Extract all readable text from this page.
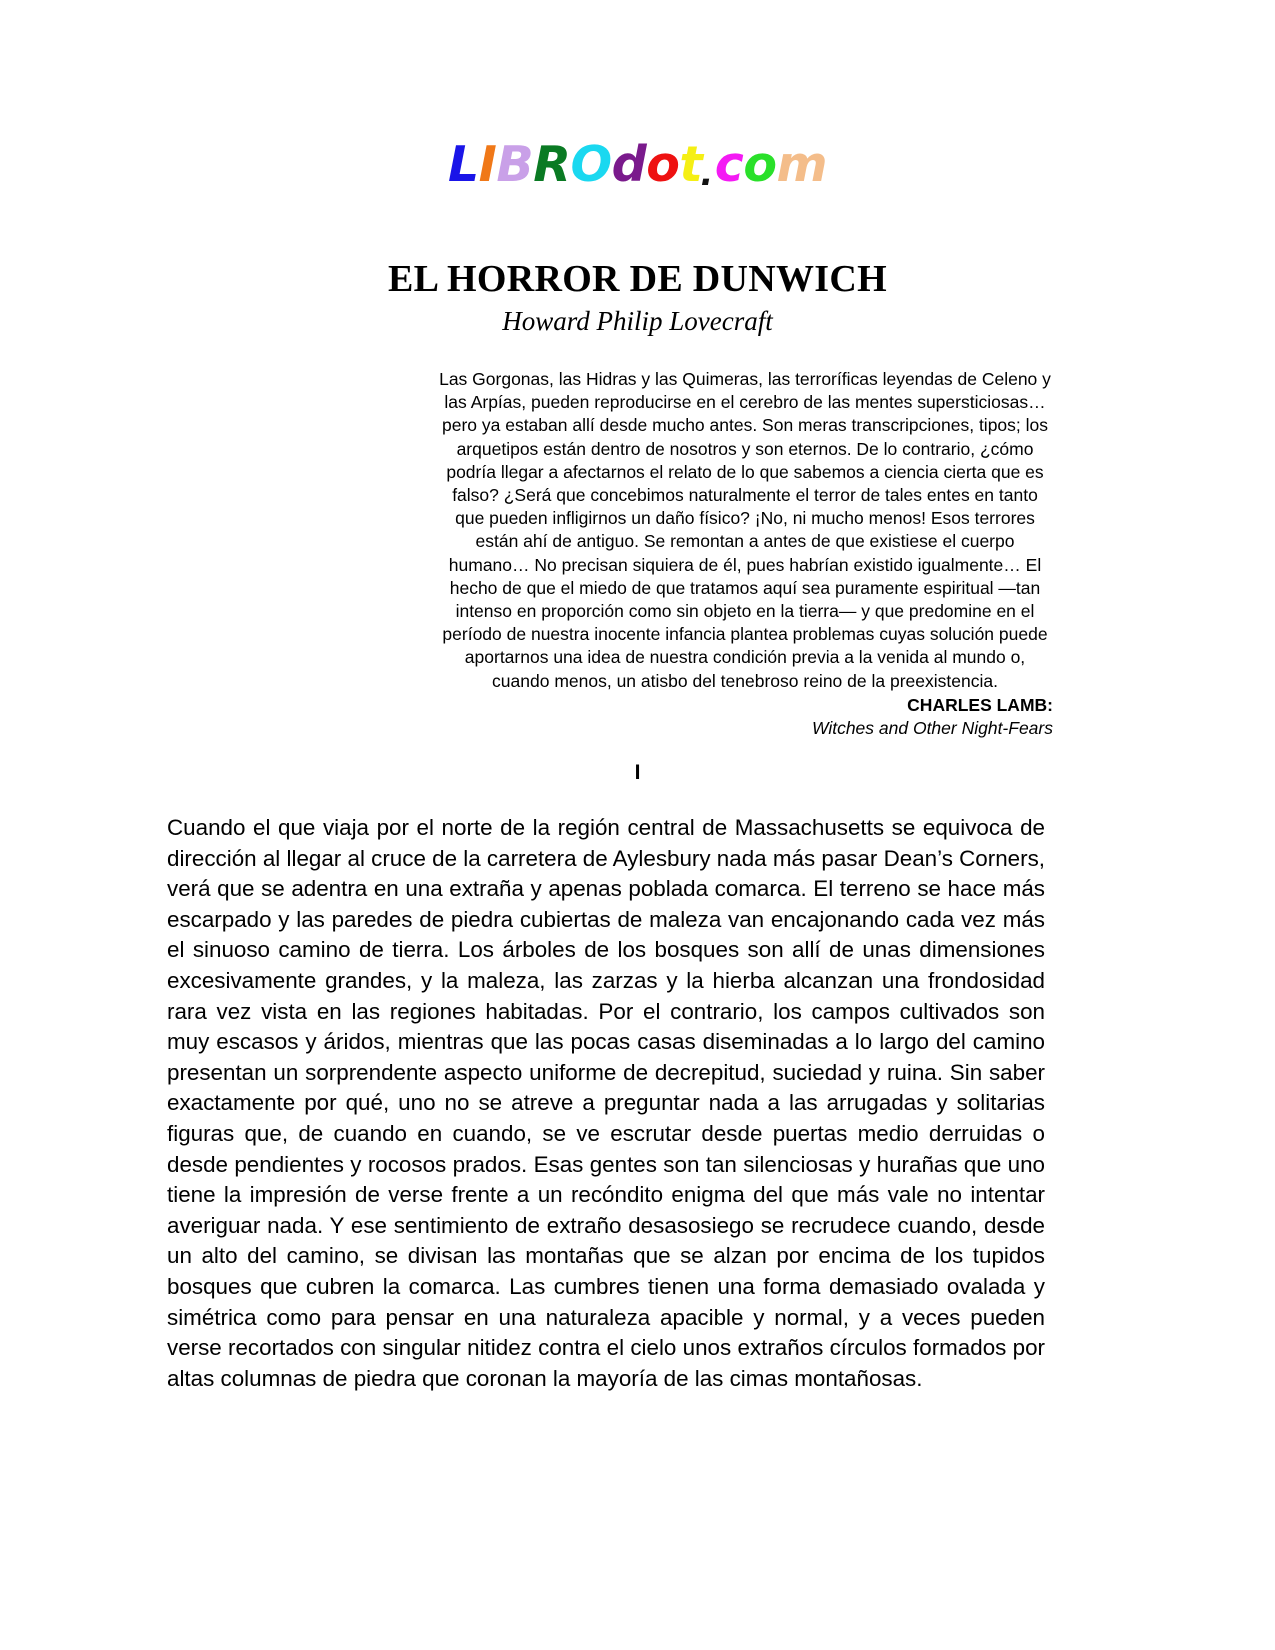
LIBROdot.com
EL HORROR DE DUNWICH
Howard Philip Lovecraft
Las Gorgonas, las Hidras y las Quimeras, las terroríficas leyendas de Celeno y las Arpías, pueden reproducirse en el cerebro de las mentes supersticiosas… pero ya estaban allí desde mucho antes. Son meras transcripciones, tipos; los arquetipos están dentro de nosotros y son eternos. De lo contrario, ¿cómo podría llegar a afectarnos el relato de lo que sabemos a ciencia cierta que es falso? ¿Será que concebimos naturalmente el terror de tales entes en tanto que pueden infligirnos un daño físico? ¡No, ni mucho menos! Esos terrores están ahí de antiguo. Se remontan a antes de que existiese el cuerpo humano… No precisan siquiera de él, pues habrían existido igualmente… El hecho de que el miedo de que tratamos aquí sea puramente espiritual —tan intenso en proporción como sin objeto en la tierra— y que predomine en el período de nuestra inocente infancia plantea problemas cuyas solución puede aportarnos una idea de nuestra condición previa a la venida al mundo o, cuando menos, un atisbo del tenebroso reino de la preexistencia.
CHARLES LAMB:
Witches and Other Night-Fears
I

Cuando el que viaja por el norte de la región central de Massachusetts se equivoca de dirección al llegar al cruce de la carretera de Aylesbury nada más pasar Dean’s Corners, verá que se adentra en una extraña y apenas poblada comarca. El terreno se hace más escarpado y las paredes de piedra cubiertas de maleza van encajonando cada vez más el sinuoso camino de tierra. Los árboles de los bosques son allí de unas dimensiones excesivamente grandes, y la maleza, las zarzas y la hierba alcanzan una frondosidad rara vez vista en las regiones habitadas. Por el contrario, los campos cultivados son muy escasos y áridos, mientras que las pocas casas diseminadas a lo largo del camino presentan un sorprendente aspecto uniforme de decrepitud, suciedad y ruina. Sin saber exactamente por qué, uno no se atreve a preguntar nada a las arrugadas y solitarias figuras que, de cuando en cuando, se ve escrutar desde puertas medio derruidas o desde pendientes y rocosos prados. Esas gentes son tan silenciosas y hurañas que uno tiene la impresión de verse frente a un recóndito enigma del que más vale no intentar averiguar nada. Y ese sentimiento de extraño desasosiego se recrudece cuando, desde un alto del camino, se divisan las montañas que se alzan por encima de los tupidos bosques que cubren la comarca. Las cumbres tienen una forma demasiado ovalada y simétrica como para pensar en una naturaleza apacible y normal, y a veces pueden verse recortados con singular nitidez contra el cielo unos extraños círculos formados por altas columnas de piedra que coronan la mayoría de las cimas montañosas.
